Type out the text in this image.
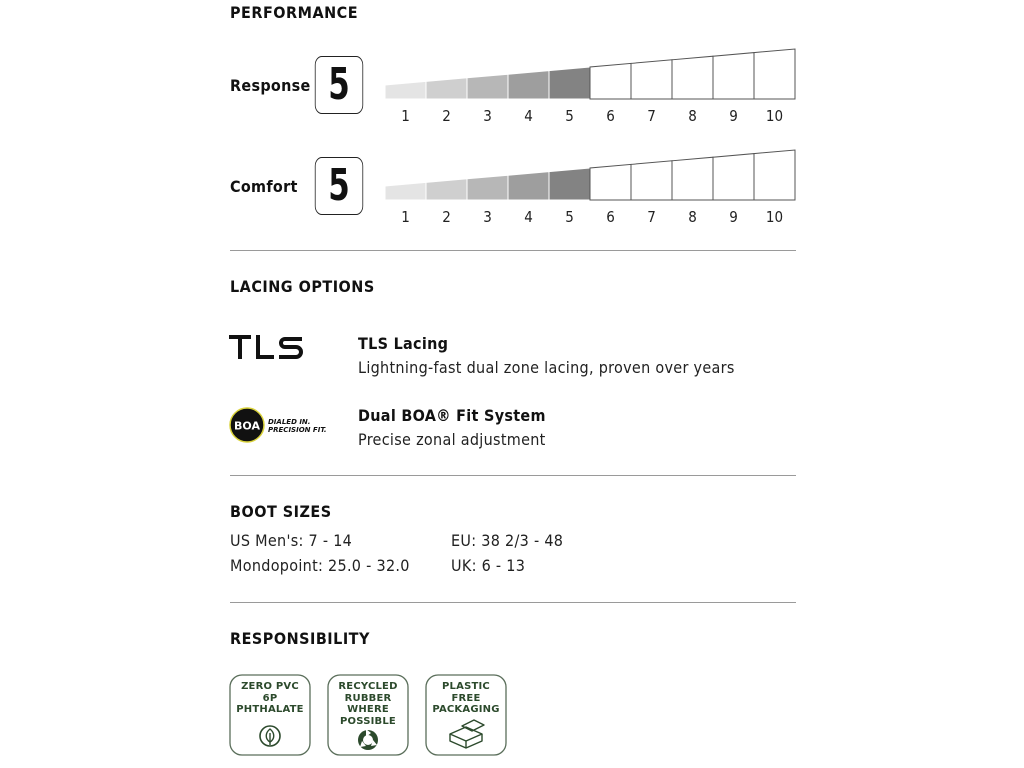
PERFORMANCE
Response 5
1 2 3 4 5 6 7 8 9 10
Comfort 5
1 2 3 4 5 6 7 8 9 10
LACING OPTIONS
TLS Lacing
Lightning-fast dual zone lacing, proven over years
BOA DIALED IN.
PRECISION FIT.
Dual BOA® Fit System
Precise zonal adjustment
BOOT SIZES
US Men's: 7 - 14	EU: 38 2/3 - 48
Mondopoint: 25.0 - 32.0	UK: 6 - 13
RESPONSIBILITY
ZERO PVC
6P
PHTHALATE
RECYCLED
RUBBER
WHERE
POSSIBLE
PLASTIC
FREE
PACKAGING
